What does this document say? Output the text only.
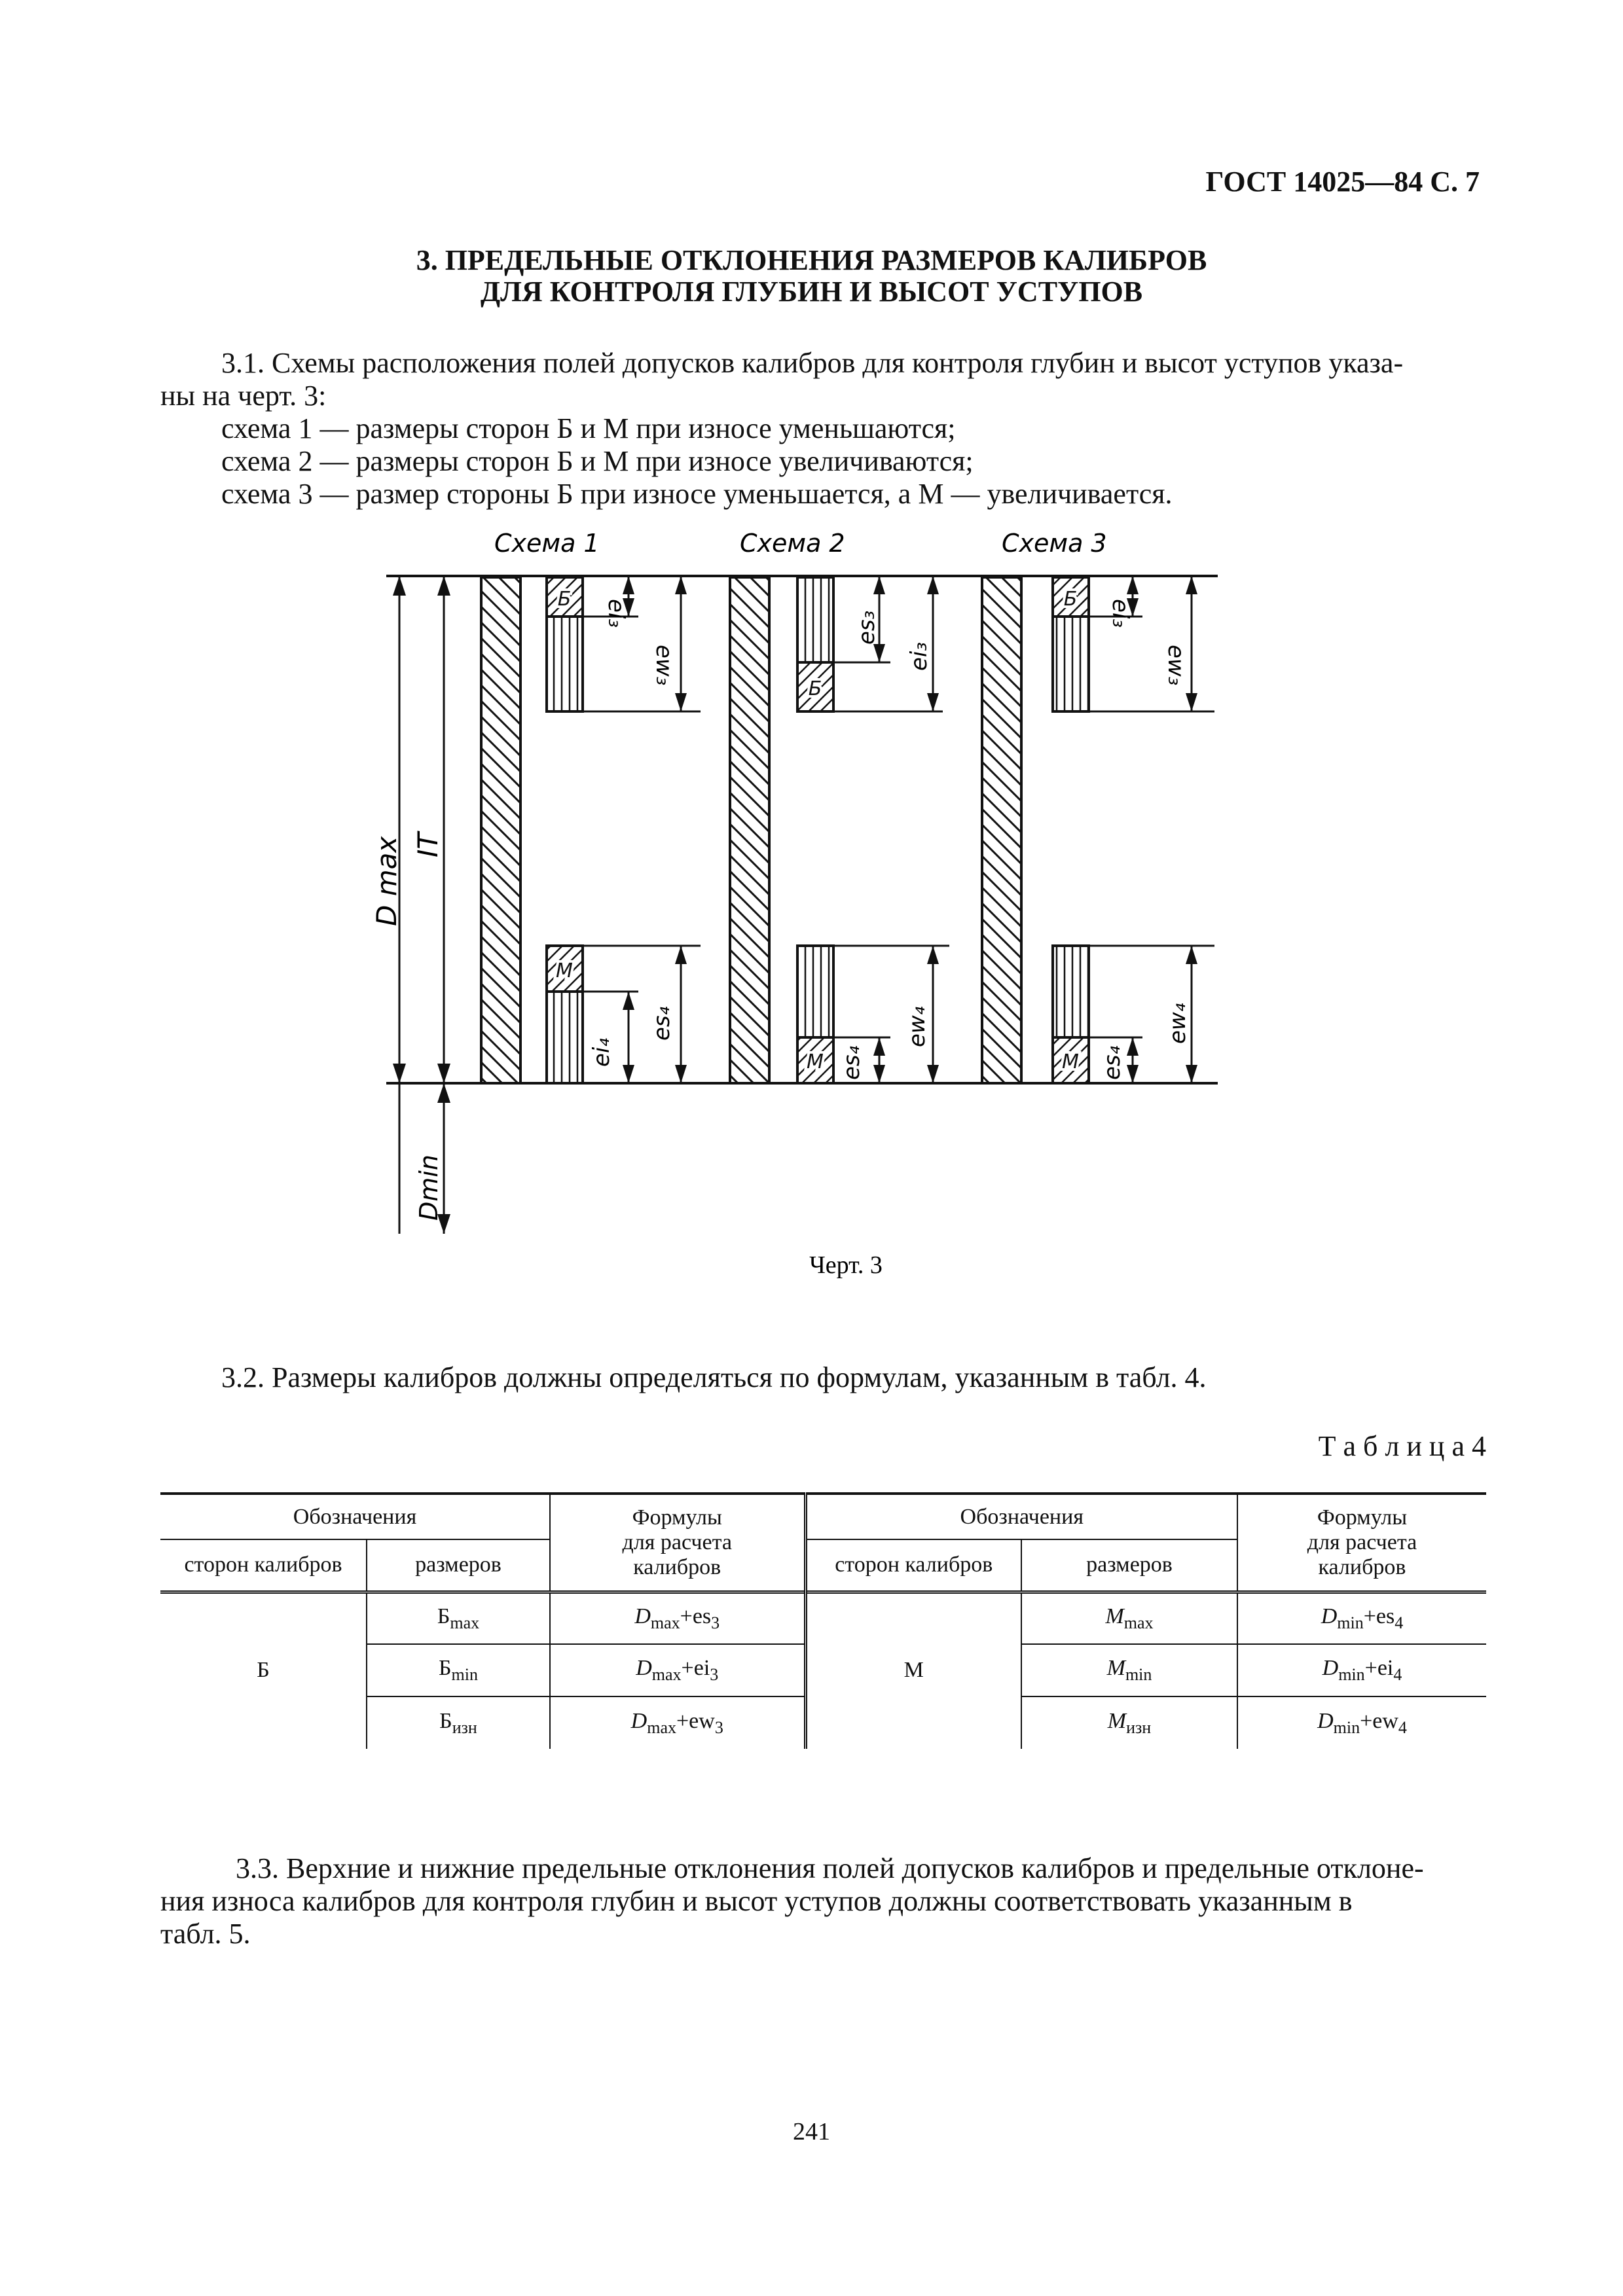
ГОСТ 14025—84 С. 7
3. ПРЕДЕЛЬНЫЕ ОТКЛОНЕНИЯ РАЗМЕРОВ КАЛИБРОВ
ДЛЯ КОНТРОЛЯ ГЛУБИН И ВЫСОТ УСТУПОВ
3.1. Схемы расположения полей допусков калибров для контроля глубин и высот уступов указа-
ны на черт. 3:
схема 1 — размеры сторон Б и М при износе уменьшаются;
схема 2 — размеры сторон Б и М при износе увеличиваются;
схема 3 — размер стороны Б при износе уменьшается, а М — увеличивается.
D max IT
Dmin
Схема 1	Схема 2	Схема 3
Б ei₃
ew₃
М
ei₄
es₄
Б
es₃
ei₃
М es₄
ew₄
Б ei₃
ew₃
М es₄
ew₄
Черт. 3
3.2. Размеры калибров должны определяться по формулам, указанным в табл. 4.
Т а б л и ц а 4
Обозначения		Формулы
для расчета
калибров	Обозначения		Формулы
для расчета
калибров
сторон калибров	размеров		сторон калибров	размеров	
	$Б_{max}$	$D_{max}+es_3$		$M_{max}$	$D_{min}+es_4$
Б	$Б_{min}$	$D_{max}+ei_3$	М	$M_{min}$	$D_{min}+ei_4$
	$Б_{изн}$	$D_{max}+ew_3$		$M_{изн}$	$D_{min}+ew_4$
3.3. Верхние и нижние предельные отклонения полей допусков калибров и предельные отклоне-
ния износа калибров для контроля глубин и высот уступов должны соответствовать указанным в
табл. 5.
241
